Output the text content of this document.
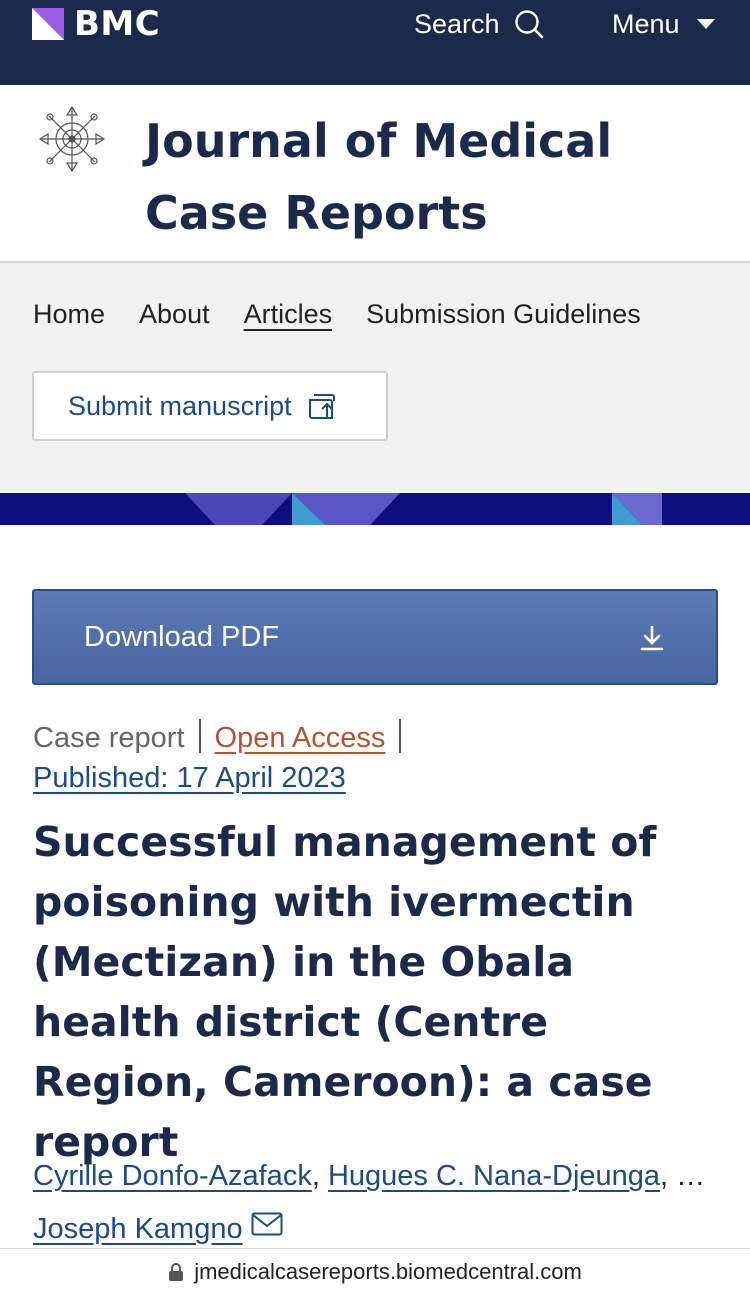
BMC	Search	Menu
Journal of Medical Case Reports
Home About Articles Submission Guidelines
Submit manuscript
Download PDF
Case report Open Access
Published: 17 April 2023
Successful management of poisoning with ivermectin (Mectizan) in the Obala health district (Centre Region, Cameroon): a case report
Cyrille Donfo-Azafack, Hugues C. Nana-Djeunga, … Joseph Kamgno
jmedicalcasereports.biomedcentral.com
